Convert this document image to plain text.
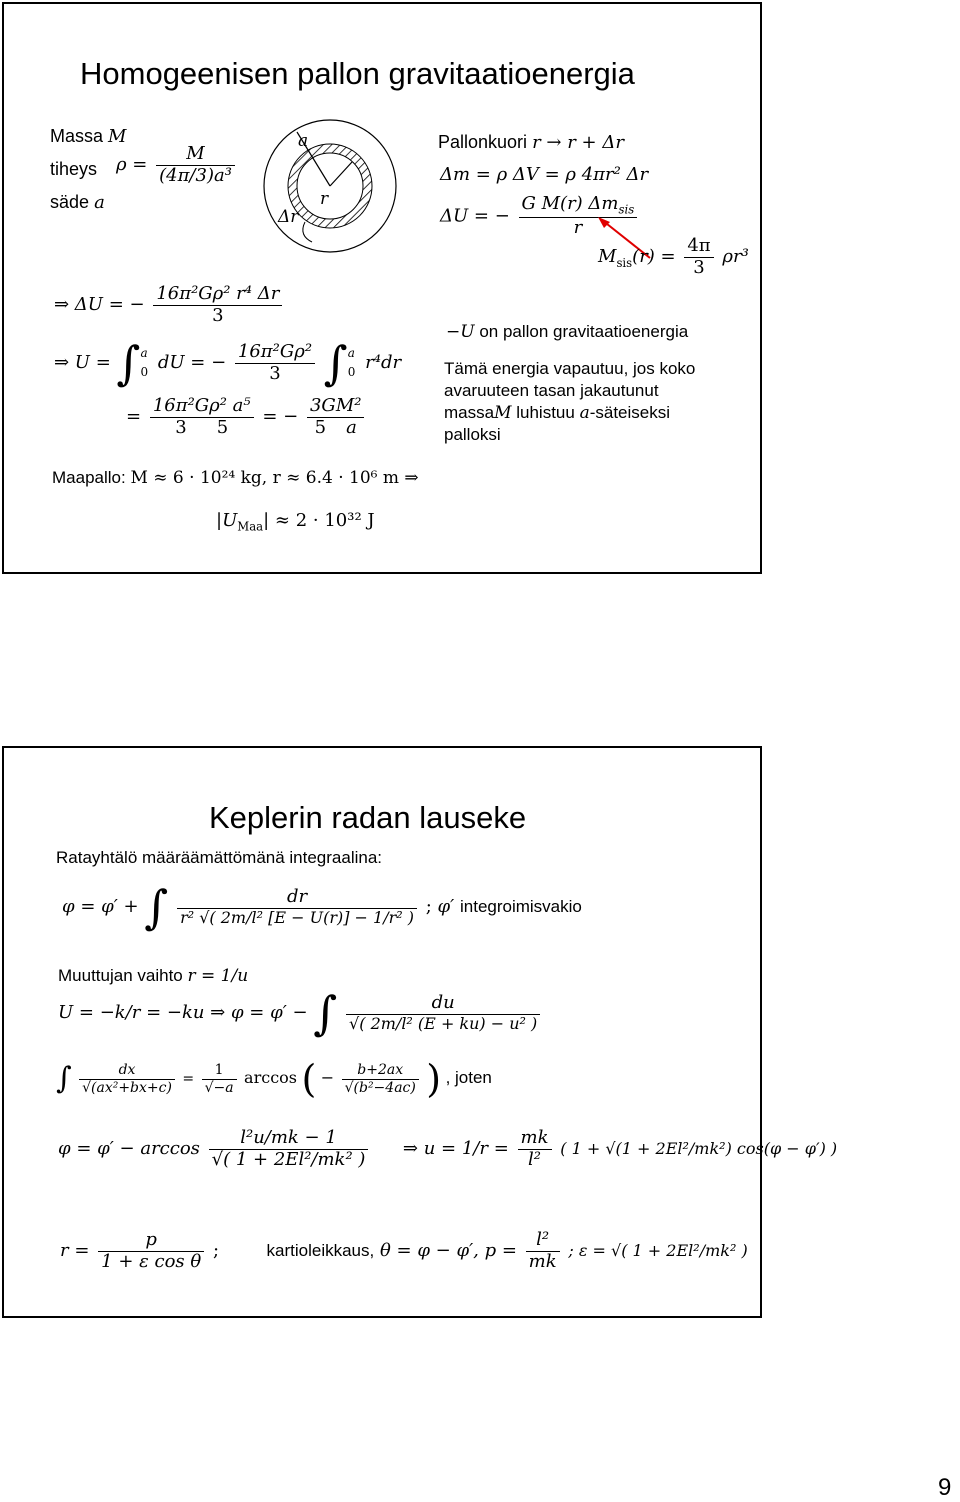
Homogeenisen pallon gravitaatioenergia
Massa M
tiheys
säde a
$\rho = \frac{M}{\text{(4π/3)a³}}$
a
r
Δr
Pallonkuori r → r + Δr
Δm = ρ ΔV = ρ 4πr² Δr
ΔU = − $\frac{G M(r) \Delta m_{sis}}{r}$
$M_{sis}(r) = \frac{4\pi}{3} \rho r^3$
⇒ ΔU = − $\frac{\text{16π²Gρ² r⁴ Δr}}{3}$
⇒ U = ∫ a
0 dU = − $\frac{\text{16π²Gρ²}}{3}$ ∫ a
0 r⁴dr
= $\frac{\text{16π²Gρ² a⁵}}{3 5}$ = − $\frac{\text{3GM²}}{5 a}$
−U on pallon gravitaatioenergia
Tämä energia vapautuu, jos koko
avaruuteen tasan jakautunut
massaM luhistuu a-säteiseksi
palloksi
Maapallo: M ≈ 6 · 10²⁴ kg, r ≈ 6.4 · 10⁶ m ⇒
$|U_{Maa}| \approx 2 \cdot 10^{32}$ J
Keplerin radan lauseke
Ratayhtälö määräämättömänä integraalina:
φ = φ′ + ∫ $\frac{dr}{\text{r² √( 2m/l² [E − U(r)] − 1/r² )}}$ ; φ′ integroimisvakio
Muuttujan vaihto r = 1/u
U = −k/r = −ku ⇒ φ = φ′ − ∫ $\frac{du}{\text{√( 2m/l² (E + ku) − u² )}}$
∫ $\frac{dx}{\text{√(ax²+bx+c)}} = \frac{1}{√-a}$ arccos ( − $\frac{b+2ax}{\text{√(b²−4ac)}}$ ) , joten
$\varphi = \varphi' - \arccos \frac{\text{l²u/mk − 1}}{\text{√( 1 + 2El²/mk² )}}$ ⇒ $u = 1/r = \frac{mk}{\text{l²}}$ ( 1 + √(1 + 2El²/mk²) cos(φ − φ′) )
$r = \frac{p}{\text{1 + ε cos θ}}$ ;	kartioleikkaus, θ = φ − φ′, $p = \frac{\text{l²}}{mk}$ ; ε = √( 1 + 2El²/mk² )
9
